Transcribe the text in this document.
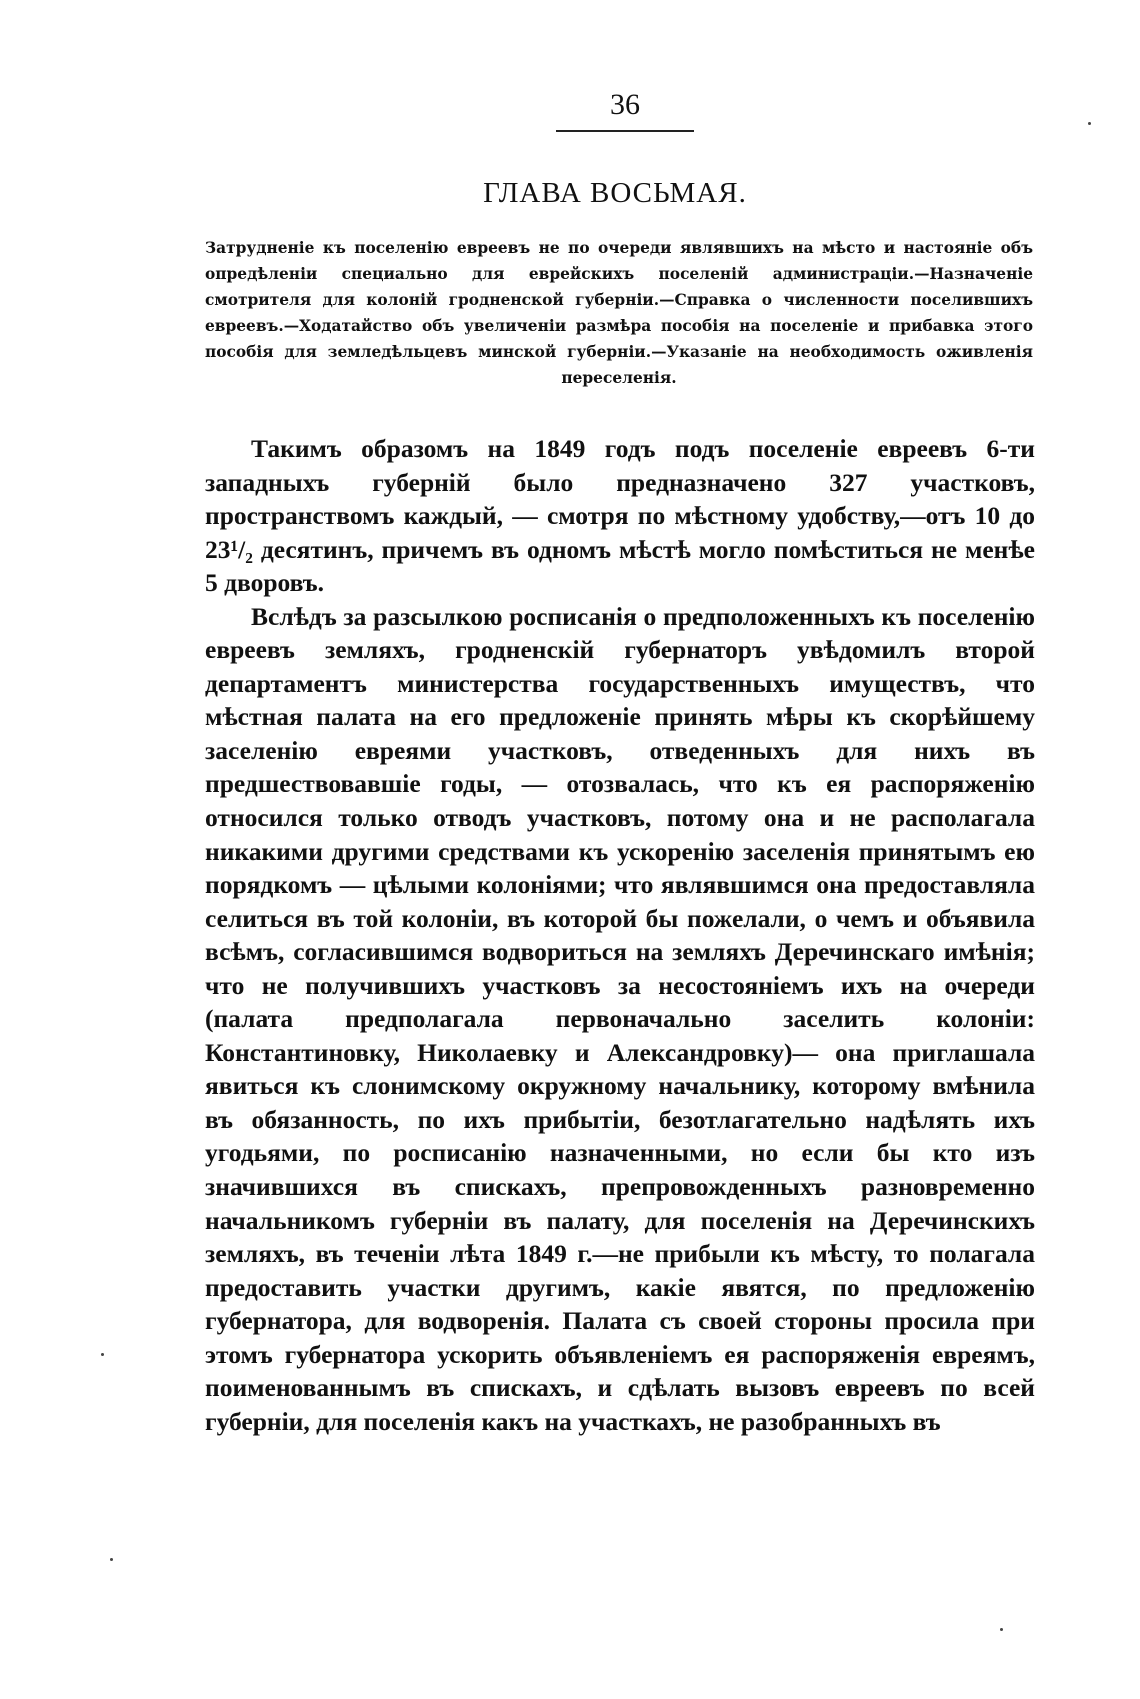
36
ГЛАВА ВОСЬМАЯ.
Затрудненіе къ поселенію евреевъ не по очереди являвшихъ на мѣсто и настояніе объ опредѣленіи специально для еврейскихъ поселеній администраціи.—Назначеніе смотрителя для колоній гродненской губерніи.—Справка о численности поселившихъ евреевъ.—Ходатайство объ увеличеніи размѣра пособія на поселеніе и прибавка этого пособія для земледѣльцевъ минской губерніи.—Указаніе на необходимость оживленія переселенія.

Такимъ образомъ на 1849 годъ подъ поселеніе евреевъ 6-ти западныхъ губерній было предназначено 327 участковъ, пространствомъ каждый, — смотря по мѣстному удобству,—отъ 10 до 23¹/₂ десятинъ, причемъ въ одномъ мѣстѣ могло помѣститься не менѣе 5 дворовъ.

Вслѣдъ за разсылкою росписанія о предположенныхъ къ поселенію евреевъ земляхъ, гродненскій губернаторъ увѣдомилъ второй департаментъ министерства государственныхъ имуществъ, что мѣстная палата на его предложеніе принять мѣры къ скорѣйшему заселенію евреями участковъ, отведенныхъ для нихъ въ предшествовавшіе годы, — отозвалась, что къ ея распоряженію относился только отводъ участковъ, потому она и не располагала никакими другими средствами къ ускоренію заселенія принятымъ ею порядкомъ — цѣлыми колоніями; что являвшимся она предоставляла селиться въ той колоніи, въ которой бы пожелали, о чемъ и объявила всѣмъ, согласившимся водвориться на земляхъ Деречинскаго имѣнія; что не получившихъ участковъ за несостояніемъ ихъ на очереди (палата предполагала первоначально заселить колоніи: Константиновку, Николаевку и Александровку)— она приглашала явиться къ слонимскому окружному начальнику, которому вмѣнила въ обязанность, по ихъ прибытіи, безотлагательно надѣлять ихъ угодьями, по росписанію назначенными, но если бы кто изъ значившихся въ спискахъ, препровожденныхъ разновременно начальникомъ губерніи въ палату, для поселенія на Деречинскихъ земляхъ, въ теченіи лѣта 1849 г.—не прибыли къ мѣсту, то полагала предоставить участки другимъ, какіе явятся, по предложенію губернатора, для водворенія. Палата съ своей стороны просила при этомъ губернатора ускорить объявленіемъ ея распоряженія евреямъ, поименованнымъ въ спискахъ, и сдѣлать вызовъ евреевъ по всей губерніи, для поселенія какъ на участкахъ, не разобранныхъ въ
